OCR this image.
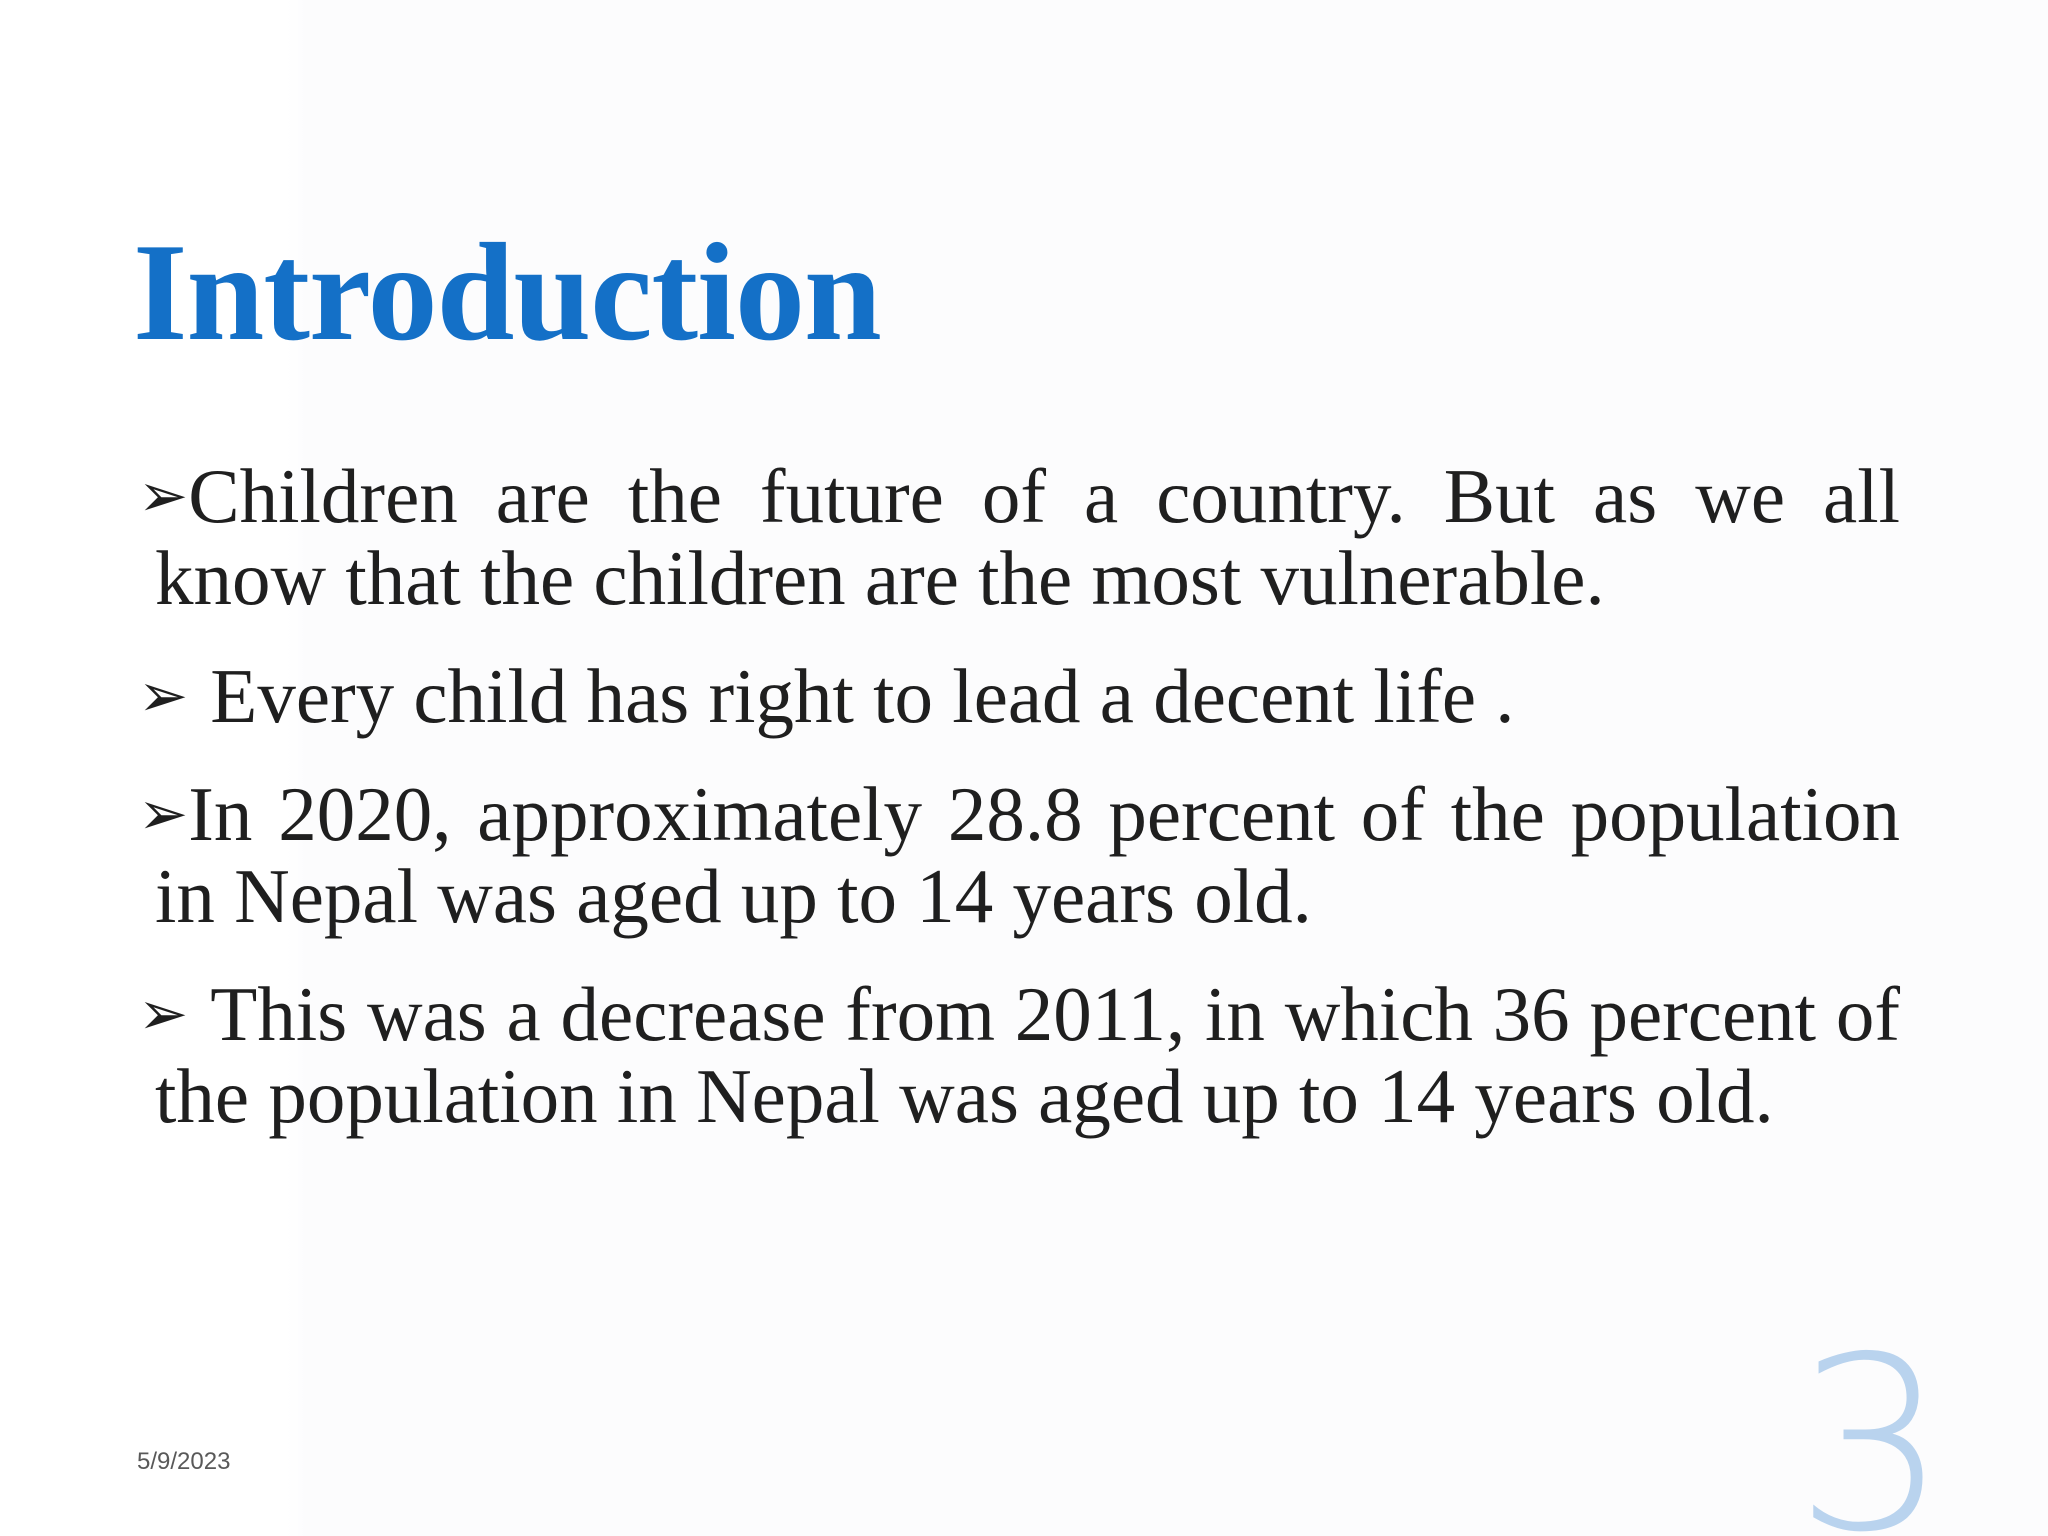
Introduction

➢Children are the future of a country. But as we all know that the children are the most vulnerable.

➢ Every child has right to lead a decent life .

➢In 2020, approximately 28.8 percent of the population in Nepal was aged up to 14 years old.

➢ This was a decrease from 2011, in which 36 percent of the population in Nepal was aged up to 14 years old.

5/9/2023	3
